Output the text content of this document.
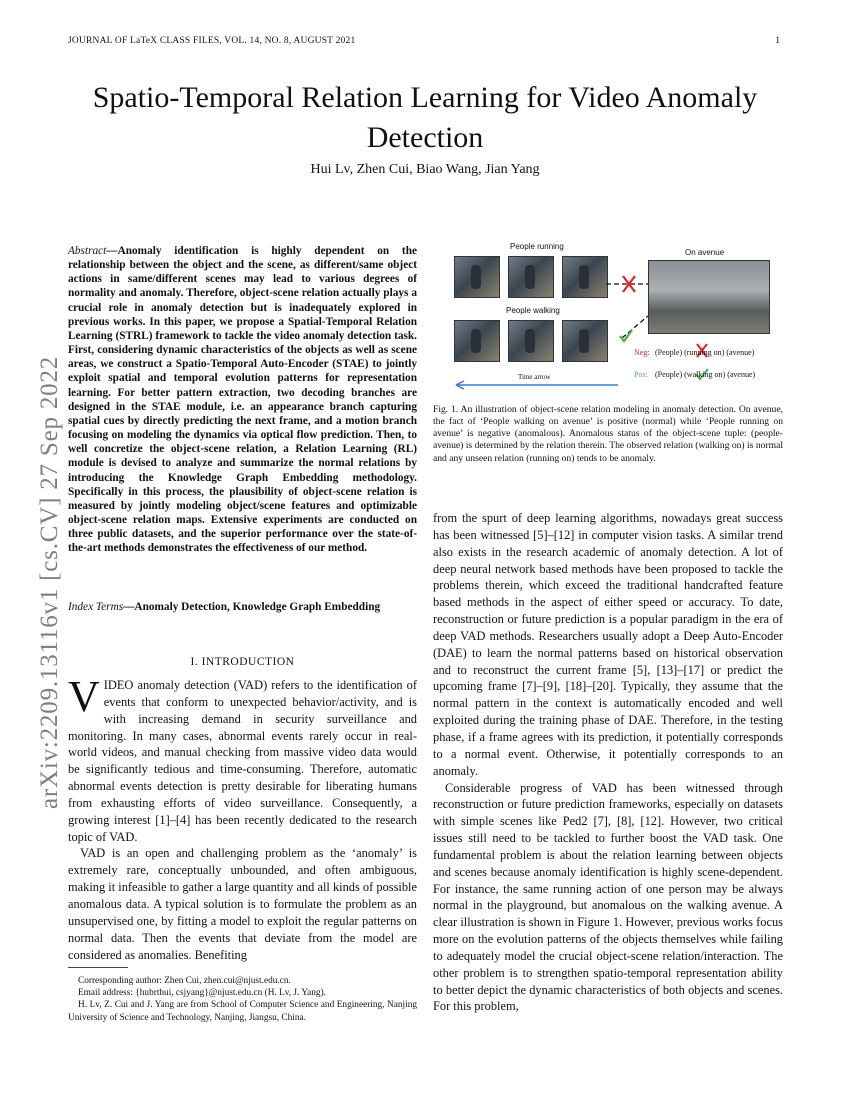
JOURNAL OF LaTeX CLASS FILES, VOL. 14, NO. 8, AUGUST 2021	1
Spatio-Temporal Relation Learning for Video Anomaly Detection
Hui Lv, Zhen Cui, Biao Wang, Jian Yang
arXiv:2209.13116v1 [cs.CV] 27 Sep 2022
Abstract—Anomaly identification is highly dependent on the relationship between the object and the scene, as different/same object actions in same/different scenes may lead to various degrees of normality and anomaly. Therefore, object-scene relation actually plays a crucial role in anomaly detection but is inadequately explored in previous works. In this paper, we propose a Spatial-Temporal Relation Learning (STRL) framework to tackle the video anomaly detection task. First, considering dynamic characteristics of the objects as well as scene areas, we construct a Spatio-Temporal Auto-Encoder (STAE) to jointly exploit spatial and temporal evolution patterns for representation learning. For better pattern extraction, two decoding branches are designed in the STAE module, i.e. an appearance branch capturing spatial cues by directly predicting the next frame, and a motion branch focusing on modeling the dynamics via optical flow prediction. Then, to well concretize the object-scene relation, a Relation Learning (RL) module is devised to analyze and summarize the normal relations by introducing the Knowledge Graph Embedding methodology. Specifically in this process, the plausibility of object-scene relation is measured by jointly modeling object/scene features and optimizable object-scene relation maps. Extensive experiments are conducted on three public datasets, and the superior performance over the state-of-the-art methods demonstrates the effectiveness of our method.
Index Terms—Anomaly Detection, Knowledge Graph Embedding
I. INTRODUCTION

VIDEO anomaly detection (VAD) refers to the identification of events that conform to unexpected behavior/activity, and is with increasing demand in security surveillance and monitoring. In many cases, abnormal events rarely occur in real-world videos, and manual checking from massive video data would be significantly tedious and time-consuming. Therefore, automatic abnormal events detection is pretty desirable for liberating humans from exhausting efforts of video surveillance. Consequently, a growing interest [1]–[4] has been recently dedicated to the research topic of VAD.

VAD is an open and challenging problem as the ‘anomaly’ is extremely rare, conceptually unbounded, and often ambiguous, making it infeasible to gather a large quantity and all kinds of possible anomalous data. A typical solution is to formulate the problem as an unsupervised one, by fitting a model to exploit the regular patterns on normal data. Then the events that deviate from the model are considered as anomalies. Benefiting

Corresponding author: Zhen Cui, zhen.cui@njust.edu.cn.

Email address: {hubrthui, csjyang}@njust.edu.cn (H. Lv, J. Yang).

H. Lv, Z. Cui and J. Yang are from School of Computer Science and Engineering, Nanjing University of Science and Technology, Nanjing, Jiangsu, China.

People running
On avenue
People walking
Time arrow
Neg: (People) (running on) (avenue)
Pos: (People) (walking on) (avenue)
Fig. 1. An illustration of object-scene relation modeling in anomaly detection. On avenue, the fact of ‘People walking on avenue’ is positive (normal) while ‘People running on avenue’ is negative (anomalous). Anomalous status of the object-scene tuple: (people-avenue) is determined by the relation therein. The observed relation (walking on) is normal and any unseen relation (running on) tends to be anomaly.

from the spurt of deep learning algorithms, nowadays great success has been witnessed [5]–[12] in computer vision tasks. A similar trend also exists in the research academic of anomaly detection. A lot of deep neural network based methods have been proposed to tackle the problems therein, which exceed the traditional handcrafted feature based methods in the aspect of either speed or accuracy. To date, reconstruction or future prediction is a popular paradigm in the era of deep VAD methods. Researchers usually adopt a Deep Auto-Encoder (DAE) to learn the normal patterns based on historical observation and to reconstruct the current frame [5], [13]–[17] or predict the upcoming frame [7]–[9], [18]–[20]. Typically, they assume that the normal pattern in the context is automatically encoded and well exploited during the training phase of DAE. Therefore, in the testing phase, if a frame agrees with its prediction, it potentially corresponds to a normal event. Otherwise, it potentially corresponds to an anomaly.

Considerable progress of VAD has been witnessed through reconstruction or future prediction frameworks, especially on datasets with simple scenes like Ped2 [7], [8], [12]. However, two critical issues still need to be tackled to further boost the VAD task. One fundamental problem is about the relation learning between objects and scenes because anomaly identification is highly scene-dependent. For instance, the same running action of one person may be always normal in the playground, but anomalous on the walking avenue. A clear illustration is shown in Figure 1. However, previous works focus more on the evolution patterns of the objects themselves while failing to adequately model the crucial object-scene relation/interaction. The other problem is to strengthen spatio-temporal representation ability to better depict the dynamic characteristics of both objects and scenes. For this problem,
